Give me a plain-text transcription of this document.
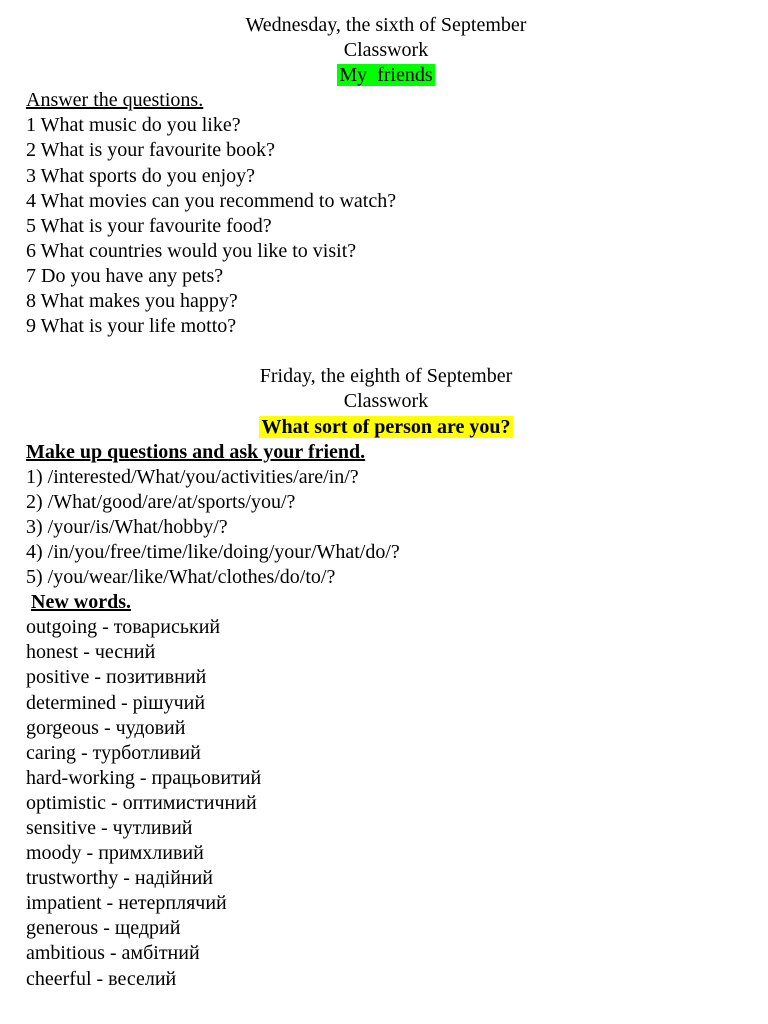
Wednesday, the sixth of September
Classwork
My  friends
Answer the questions.
1 What music do you like?
2 What is your favourite book?
3 What sports do you enjoy?
4 What movies can you recommend to watch?
5 What is your favourite food?
6 What countries would you like to visit?
7 Do you have any pets?
8 What makes you happy?
9 What is your life motto?
Friday, the eighth of September
Classwork
What sort of person are you?
Make up questions and ask your friend.
1) /interested/What/you/activities/are/in/?
2) /What/good/are/at/sports/you/?
3) /your/is/What/hobby/?
4) /in/you/free/time/like/doing/your/What/do/?
5) /you/wear/like/What/clothes/do/to/?
New words.
outgoing - товариський
honest - чесний
positive - позитивний
determined - рішучий
gorgeous - чудовий
caring - турботливий
hard-working - працьовитий
optimistic - оптимистичний
sensitive - чутливий
moody - примхливий
trustworthy - надійний
impatient - нетерплячий
generous - щедрий
ambitious - амбітний
cheerful - веселий
